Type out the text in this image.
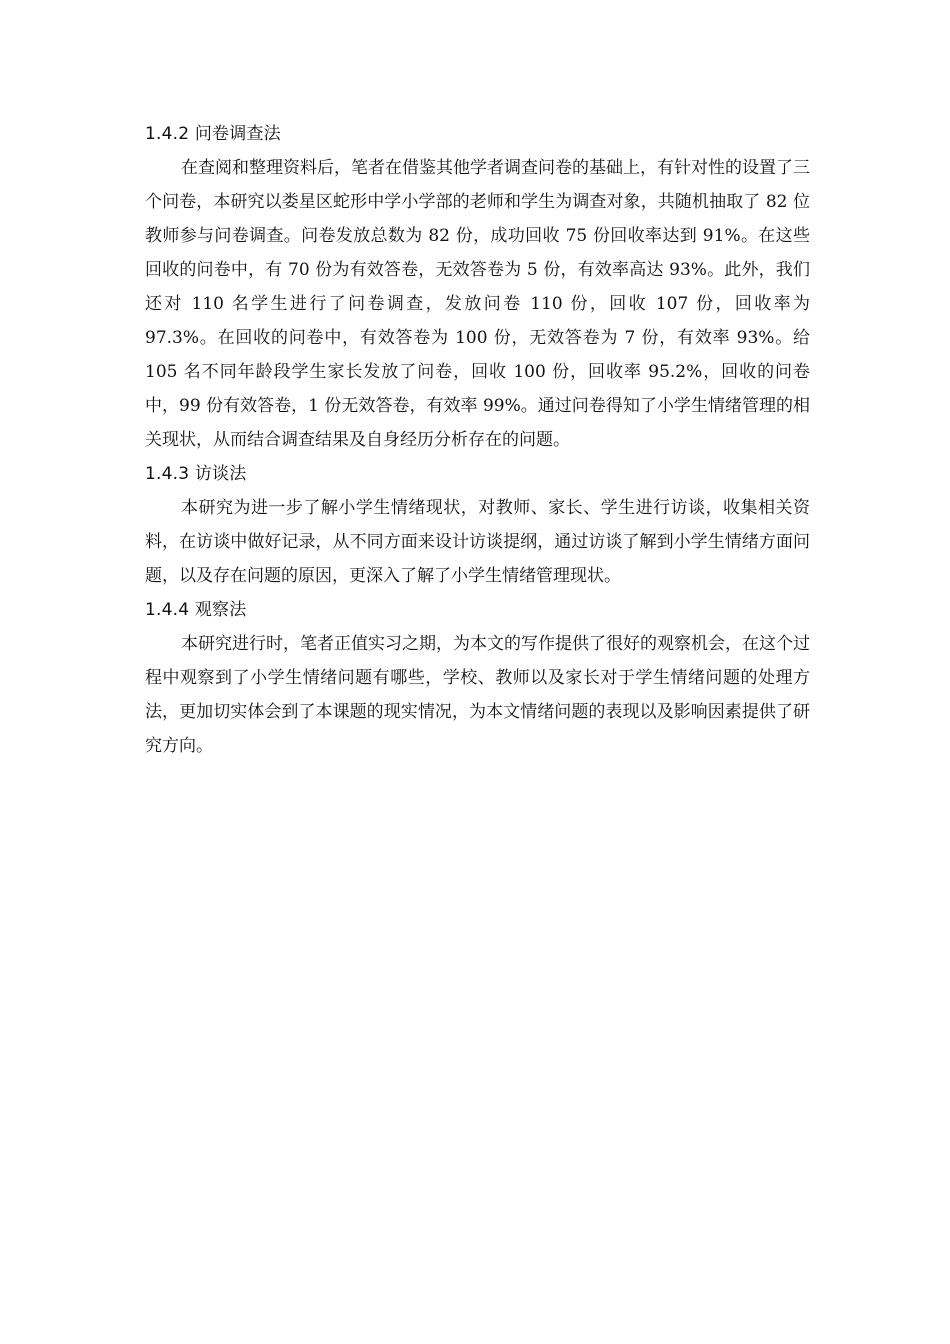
1.4.2 问卷调查法

在查阅和整理资料后，笔者在借鉴其他学者调查问卷的基础上，有针对性的设置了三个问卷，本研究以娄星区蛇形中学小学部的老师和学生为调查对象，共随机抽取了 82 位教师参与问卷调查。问卷发放总数为 82 份，成功回收 75 份回收率达到 91%。在这些回收的问卷中，有 70 份为有效答卷，无效答卷为 5 份，有效率高达 93%。此外，我们还对 110 名学生进行了问卷调查，发放问卷 110 份，回收 107 份，回收率为 97.3%。在回收的问卷中，有效答卷为 100 份，无效答卷为 7 份，有效率 93%。给 105 名不同年龄段学生家长发放了问卷，回收 100 份，回收率 95.2%，回收的问卷中，99 份有效答卷，1 份无效答卷，有效率 99%。通过问卷得知了小学生情绪管理的相关现状，从而结合调查结果及自身经历分析存在的问题。

1.4.3 访谈法

本研究为进一步了解小学生情绪现状，对教师、家长、学生进行访谈，收集相关资料，在访谈中做好记录，从不同方面来设计访谈提纲，通过访谈了解到小学生情绪方面问题，以及存在问题的原因，更深入了解了小学生情绪管理现状。

1.4.4 观察法

本研究进行时，笔者正值实习之期，为本文的写作提供了很好的观察机会，在这个过程中观察到了小学生情绪问题有哪些，学校、教师以及家长对于学生情绪问题的处理方法，更加切实体会到了本课题的现实情况，为本文情绪问题的表现以及影响因素提供了研究方向。
